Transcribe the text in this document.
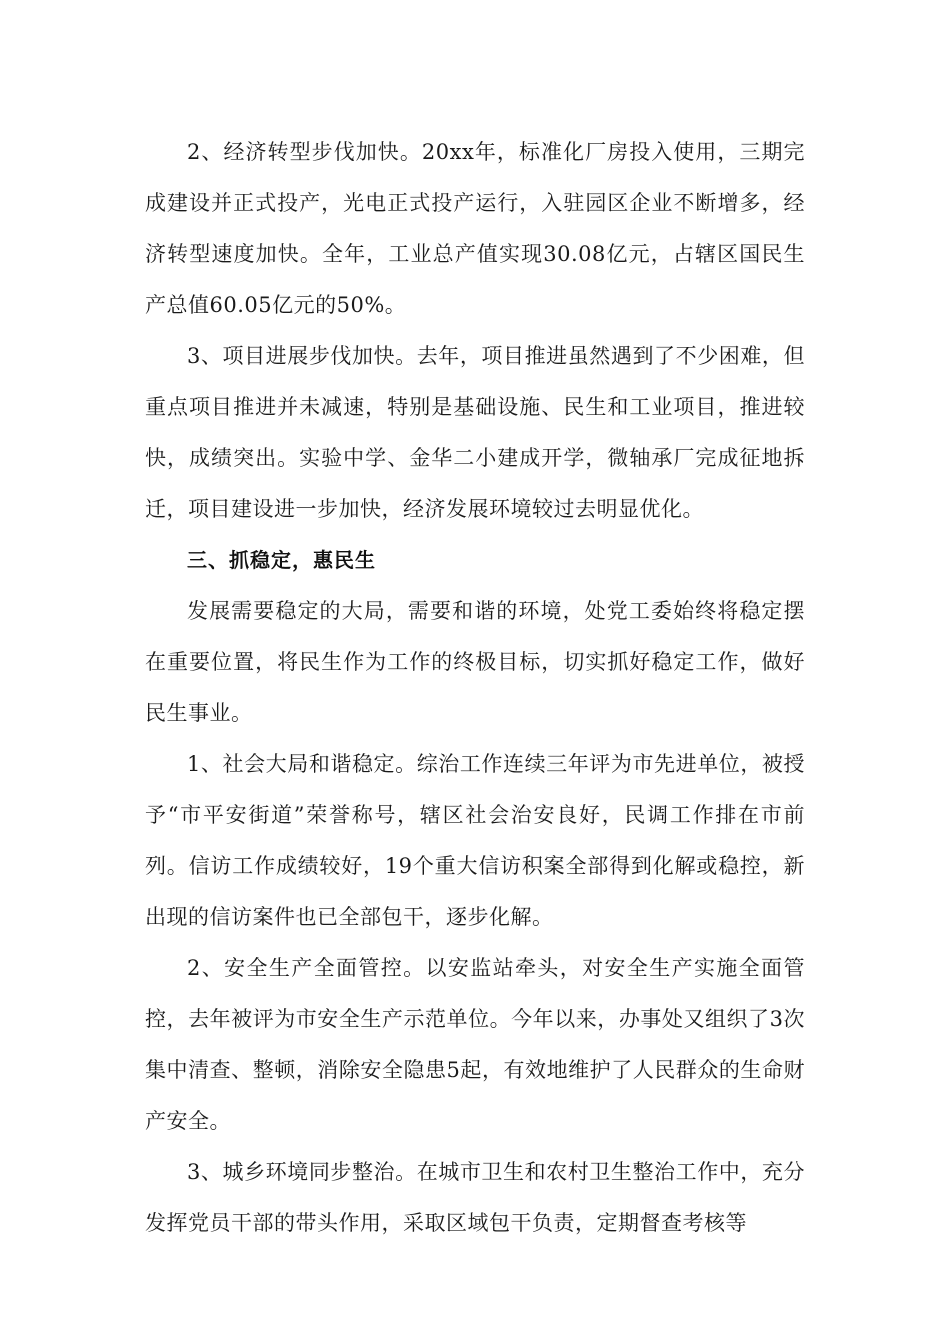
2、经济转型步伐加快。20xx年，标准化厂房投入使用，三期完成建设并正式投产，光电正式投产运行，入驻园区企业不断增多，经济转型速度加快。全年，工业总产值实现30.08亿元，占辖区国民生产总值60.05亿元的50%。

3、项目进展步伐加快。去年，项目推进虽然遇到了不少困难，但重点项目推进并未减速，特别是基础设施、民生和工业项目，推进较快，成绩突出。实验中学、金华二小建成开学，微轴承厂完成征地拆迁，项目建设进一步加快，经济发展环境较过去明显优化。

三、抓稳定，惠民生

发展需要稳定的大局，需要和谐的环境，处党工委始终将稳定摆在重要位置，将民生作为工作的终极目标，切实抓好稳定工作，做好民生事业。

1、社会大局和谐稳定。综治工作连续三年评为市先进单位，被授予“市平安街道”荣誉称号，辖区社会治安良好，民调工作排在市前列。信访工作成绩较好，19个重大信访积案全部得到化解或稳控，新出现的信访案件也已全部包干，逐步化解。

2、安全生产全面管控。以安监站牵头，对安全生产实施全面管控，去年被评为市安全生产示范单位。今年以来，办事处又组织了3次集中清查、整顿，消除安全隐患5起，有效地维护了人民群众的生命财产安全。

3、城乡环境同步整治。在城市卫生和农村卫生整治工作中，充分发挥党员干部的带头作用，采取区域包干负责，定期督查考核等
